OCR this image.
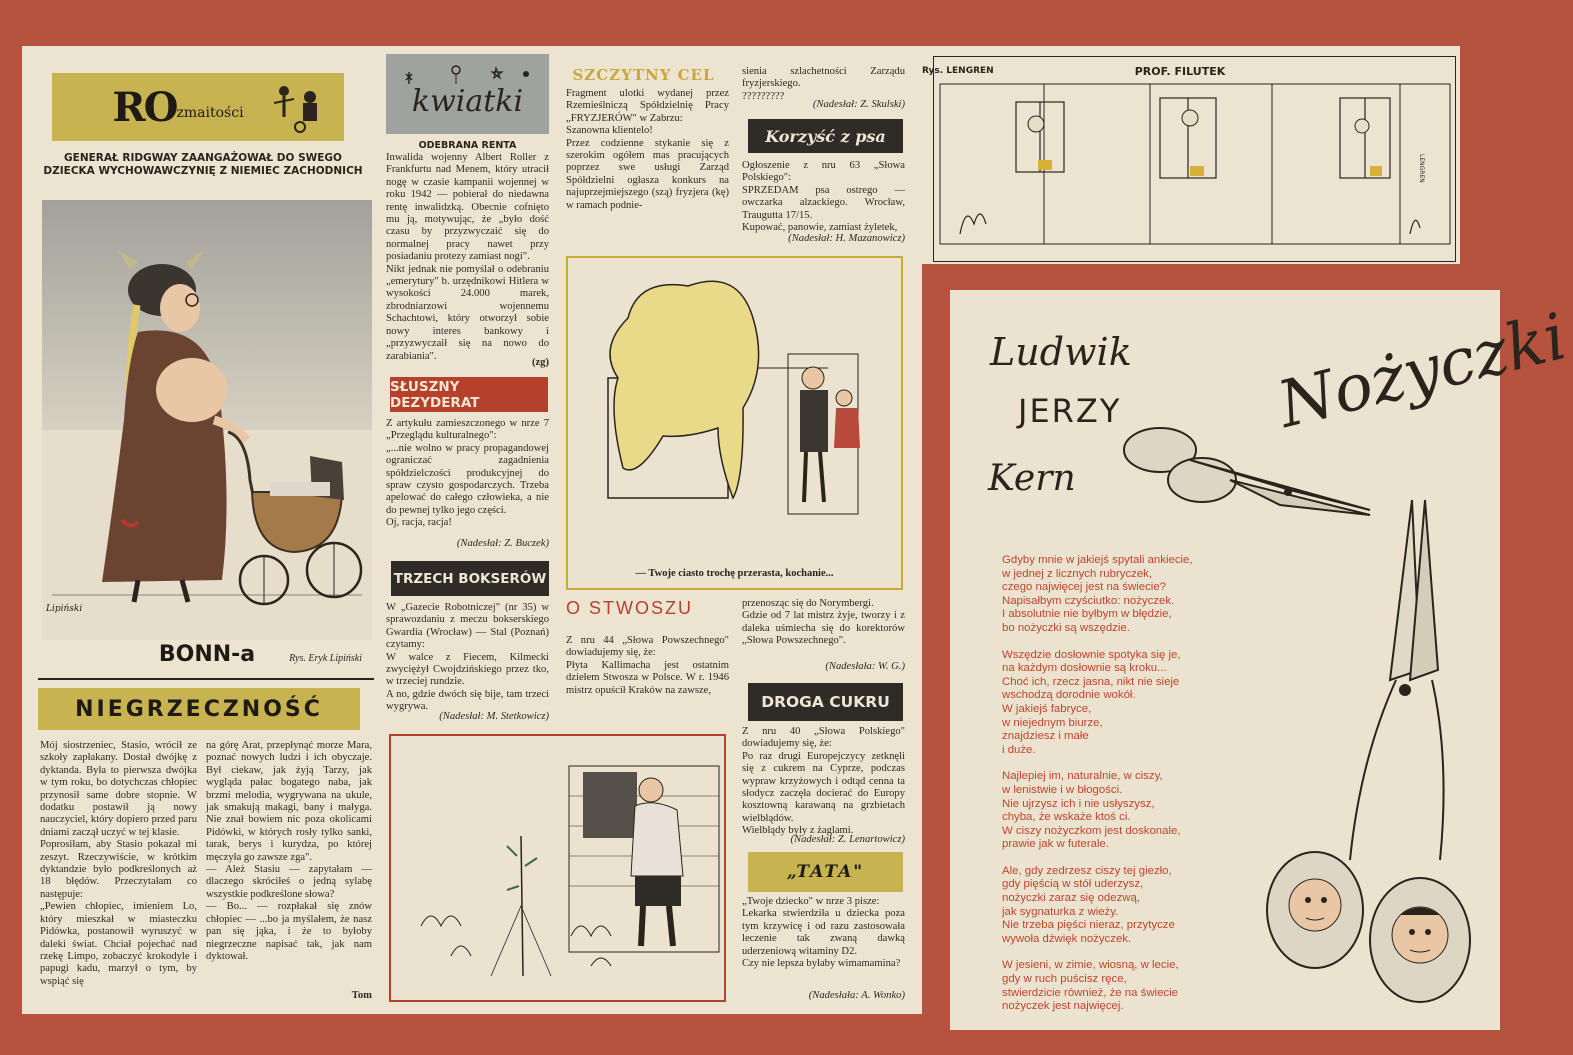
RO zmaitości
GENERAŁ RIDGWAY ZAANGAŻOWAŁ DO SWEGO DZIECKA WYCHOWAWCZYNIĘ Z NIEMIEC ZACHODNICH
Lipiński
Rys. Eryk Lipiński
BONN-a
NIEGRZECZNOŚĆ
Mój siostrzeniec, Stasio, wrócił ze szkoły zapłakany. Dostał dwójkę z dyktanda. Była to pierwsza dwójka w tym roku, bo dotychczas chłopiec przynosił same dobre stopnie. W dodatku postawił ją nowy nauczyciel, który dopiero przed paru dniami zaczął uczyć w tej klasie.
Poprosiłam, aby Stasio pokazał mi zeszyt. Rzeczywiście, w krótkim dyktandzie było podkreślonych aż 18 błędów. Przeczytałam co następuje:
„Pewien chłopiec, imieniem Lo, który mieszkał w miasteczku Pidówka, postanowił wyruszyć w daleki świat. Chciał pojechać nad rzekę Limpo, zobaczyć krokodyle i papugi kadu, marzył o tym, by wspiąć się
na górę Arat, przepłynąć morze Mara, poznać nowych ludzi i ich obyczaje. Był ciekaw, jak żyją Tarzy, jak wygląda pałac bogatego naba, jak brzmi melodia, wygrywana na ukule, jak smakują makagi, bany i małyga. Nie znał bowiem nic poza okolicami Pidówki, w których rosły tylko sanki, tarak, berys i kurydza, po której męczyła go zawsze zga".
— Ależ Stasiu — zapytałam — dlaczego skróciłeś o jedną sylabę wszystkie podkreślone słowa?
— Bo... — rozpłakał się znów chłopiec — ...bo ja myślałem, że nasz pan się jąka, i że to byłoby niegrzeczne napisać tak, jak nam dyktował.
Tom
kwiatki
ODEBRANA RENTA
Inwalida wojenny Albert Roller z Frankfurtu nad Menem, który utracił nogę w czasie kampanii wojennej w roku 1942 — pobierał do niedawna rentę inwalidzką. Obecnie cofnięto mu ją, motywując, że „było dość czasu by przyzwyczaić się do normalnej pracy nawet przy posiadaniu protezy zamiast nogi".
Nikt jednak nie pomyślał o odebraniu „emerytury" b. urzędnikowi Hitlera w wysokości 24.000 marek, zbrodniarzowi wojennemu Schachtowi, który otworzył sobie nowy interes bankowy i „przyzwyczaił się na nowo do zarabiania".
(zg)
SŁUSZNY DEZYDERAT
Z artykułu zamieszczonego w nrze 7 „Przeglądu kulturalnego":
„...nie wolno w pracy propagandowej ograniczać zagadnienia spółdzielczości produkcyjnej do spraw czysto gospodarczych. Trzeba apelować do całego człowieka, a nie do pewnej tylko jego części.
Oj, racja, racja!
(Nadesłał: Z. Buczek)
TRZECH BOKSERÓW
W „Gazecie Robotniczej" (nr 35) w sprawozdaniu z meczu bokserskiego Gwardia (Wrocław) — Stal (Poznań) czytamy:
W walce z Fiecem, Kilmecki zwyciężył Cwojdzińskiego przez tko, w trzeciej rundzie.
A no, gdzie dwóch się bije, tam trzeci wygrywa.
(Nadesłał: M. Stetkowicz)
SZCZYTNY CEL
Fragment ulotki wydanej przez Rzemieślniczą Spółdzielnię Pracy „FRYZJERÓW" w Zabrzu:
Szanowna klientelo!
Przez codzienne stykanie się z szerokim ogółem mas pracujących poprzez swe usługi Zarząd Spółdzielni ogłasza konkurs na najuprzejmiejszego (szą) fryzjera (kę) w ramach podnie-
sienia szlachetności Zarządu fryzjerskiego.
?????????
(Nadesłał: Z. Skulski)
Korzyść z psa
Ogłoszenie z nru 63 „Słowa Polskiego":
SPRZEDAM psa ostrego — owczarka alzackiego. Wrocław, Traugutta 17/15.
Kupować, panowie, zamiast żyletek,
(Nadesłał: H. Mazanowicz)
— Twoje ciasto trochę przerasta, kochanie...
O STWOSZU
Z nru 44 „Słowa Powszechnego" dowiadujemy się, że:
Płyta Kallimacha jest ostatnim dziełem Stwosza w Polsce. W r. 1946 mistrz opuścił Kraków na zawsze,
przenosząc się do Norymbergi.
Gdzie od 7 lat mistrz żyje, tworzy i z daleka uśmiecha się do korektorów „Słowa Powszechnego".
(Nadesłała: W. G.)
DROGA CUKRU
Z nru 40 „Słowa Polskiego" dowiadujemy się, że:
Po raz drugi Europejczycy zetknęli się z cukrem na Cyprze, podczas wypraw krzyżowych i odtąd cenna ta słodycz zaczęła docierać do Europy kosztowną karawaną na grzbietach wielbłądów.
Wielbłądy były z żaglami.
(Nadesłał: Z. Lenartowicz)
„TATA"
„Twoje dziecko" w nrze 3 pisze:
Lekarka stwierdziła u dziecka poza tym krzywicę i od razu zastosowała leczenie tak zwaną dawką uderzeniową witaminy D2.
Czy nie lepsza byłaby wimamamina?
(Nadesłała: A. Wonko)
Rys. LENGREN	PROF. FILUTEK
LENGREN
Ludwik
JERZY
Kern
Nożyczki
Gdyby mnie w jakiejś spytali ankiecie,
w jednej z licznych rubryczek,
czego najwięcej jest na świecie?
Napisałbym czyściutko: nożyczek.
I absolutnie nie byłbym w błędzie,
bo nożyczki są wszędzie.
Wszędzie dosłownie spotyka się je,
na każdym dosłownie są kroku...
Choć ich, rzecz jasna, nikt nie sieje
wschodzą dorodnie wokół.
W jakiejś fabryce,
w niejednym biurze,
znajdziesz i małe
i duże.
Najlepiej im, naturalnie, w ciszy,
w lenistwie i w błogości.
Nie ujrzysz ich i nie usłyszysz,
chyba, że wskaże ktoś ci.
W ciszy nożyczkom jest doskonale,
prawie jak w futerale.
Ale, gdy zedrzesz ciszy tej giezło,
gdy pięścią w stół uderzysz,
nożyczki zaraz się odezwą,
jak sygnaturka z wieży.
Nie trzeba pięści nieraz, przytycze
wywoła dźwięk nożyczek.
W jesieni, w zimie, wiosną, w lecie,
gdy w ruch puścisz ręce,
stwierdzicie również, że na świecie
nożyczek jest najwięcej.
